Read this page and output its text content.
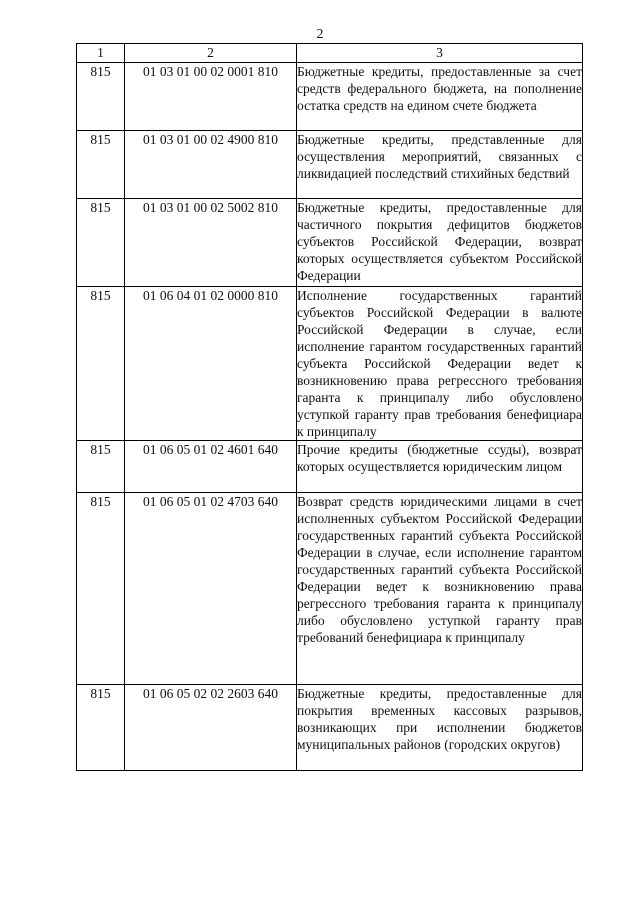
2
1	2	3
815	01 03 01 00 02 0001 810	Бюджетные кредиты, предоставленные за счет средств федерального бюджета, на пополнение остатка средств на едином счете бюджета
815	01 03 01 00 02 4900 810	Бюджетные кредиты, представленные для осуществления мероприятий, связанных с ликвидацией последствий стихийных бедствий
815	01 03 01 00 02 5002 810	Бюджетные кредиты, предоставленные для частичного покрытия дефицитов бюджетов субъектов Российской Федерации, возврат которых осуществляется субъектом Российской Федерации
815	01 06 04 01 02 0000 810	Исполнение государственных гарантий субъектов Российской Федерации в валюте Российской Федерации в случае, если исполнение гарантом государственных гарантий субъекта Российской Федерации ведет к возникновению права регрессного требования гаранта к принципалу либо обусловлено уступкой гаранту прав требования бенефициара к принципалу
815	01 06 05 01 02 4601 640	Прочие кредиты (бюджетные ссуды), возврат которых осуществляется юридическим лицом
815	01 06 05 01 02 4703 640	Возврат средств юридическими лицами в счет исполненных субъектом Российской Федерации государственных гарантий субъекта Российской Федерации в случае, если исполнение гарантом государственных гарантий субъекта Российской Федерации ведет к возникновению права регрессного требования гаранта к принципалу либо обусловлено уступкой гаранту прав требований бенефициара к принципалу
815	01 06 05 02 02 2603 640	Бюджетные кредиты, предоставленные для покрытия временных кассовых разрывов, возникающих при исполнении бюджетов муниципальных районов (городских округов)
